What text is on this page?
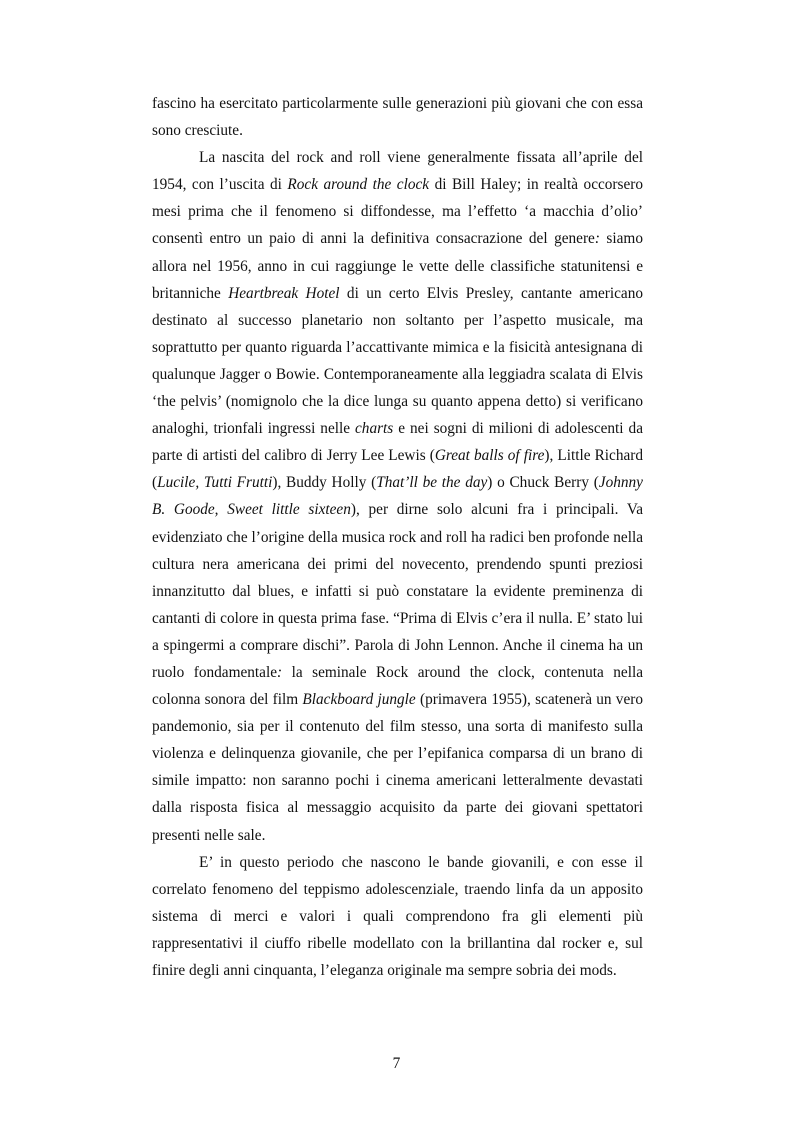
fascino ha esercitato particolarmente sulle generazioni più giovani che con essa sono cresciute.

La nascita del rock and roll viene generalmente fissata all’aprile del 1954, con l’uscita di Rock around the clock di Bill Haley; in realtà occorsero mesi prima che il fenomeno si diffondesse, ma l’effetto ‘a macchia d’olio’ consentì entro un paio di anni la definitiva consacrazione del genere: siamo allora nel 1956, anno in cui raggiunge le vette delle classifiche statunitensi e britanniche Heartbreak Hotel di un certo Elvis Presley, cantante americano destinato al successo planetario non soltanto per l’aspetto musicale, ma soprattutto per quanto riguarda l’accattivante mimica e la fisicità antesignana di qualunque Jagger o Bowie. Contemporaneamente alla leggiadra scalata di Elvis ‘the pelvis’ (nomignolo che la dice lunga su quanto appena detto) si verificano analoghi, trionfali ingressi nelle charts e nei sogni di milioni di adolescenti da parte di artisti del calibro di Jerry Lee Lewis (Great balls of fire), Little Richard (Lucile, Tutti Frutti), Buddy Holly (That’ll be the day) o Chuck Berry (Johnny B. Goode, Sweet little sixteen), per dirne solo alcuni fra i principali. Va evidenziato che l’origine della musica rock and roll ha radici ben profonde nella cultura nera americana dei primi del novecento, prendendo spunti preziosi innanzitutto dal blues, e infatti si può constatare la evidente preminenza di cantanti di colore in questa prima fase. “Prima di Elvis c’era il nulla. E’ stato lui a spingermi a comprare dischi”. Parola di John Lennon. Anche il cinema ha un ruolo fondamentale: la seminale Rock around the clock, contenuta nella colonna sonora del film Blackboard jungle (primavera 1955), scatenerà un vero pandemonio, sia per il contenuto del film stesso, una sorta di manifesto sulla violenza e delinquenza giovanile, che per l’epifanica comparsa di un brano di simile impatto: non saranno pochi i cinema americani letteralmente devastati dalla risposta fisica al messaggio acquisito da parte dei giovani spettatori presenti nelle sale.

E’ in questo periodo che nascono le bande giovanili, e con esse il correlato fenomeno del teppismo adolescenziale, traendo linfa da un apposito sistema di merci e valori i quali comprendono fra gli elementi più rappresentativi il ciuffo ribelle modellato con la brillantina dal rocker e, sul finire degli anni cinquanta, l’eleganza originale ma sempre sobria dei mods.

7
